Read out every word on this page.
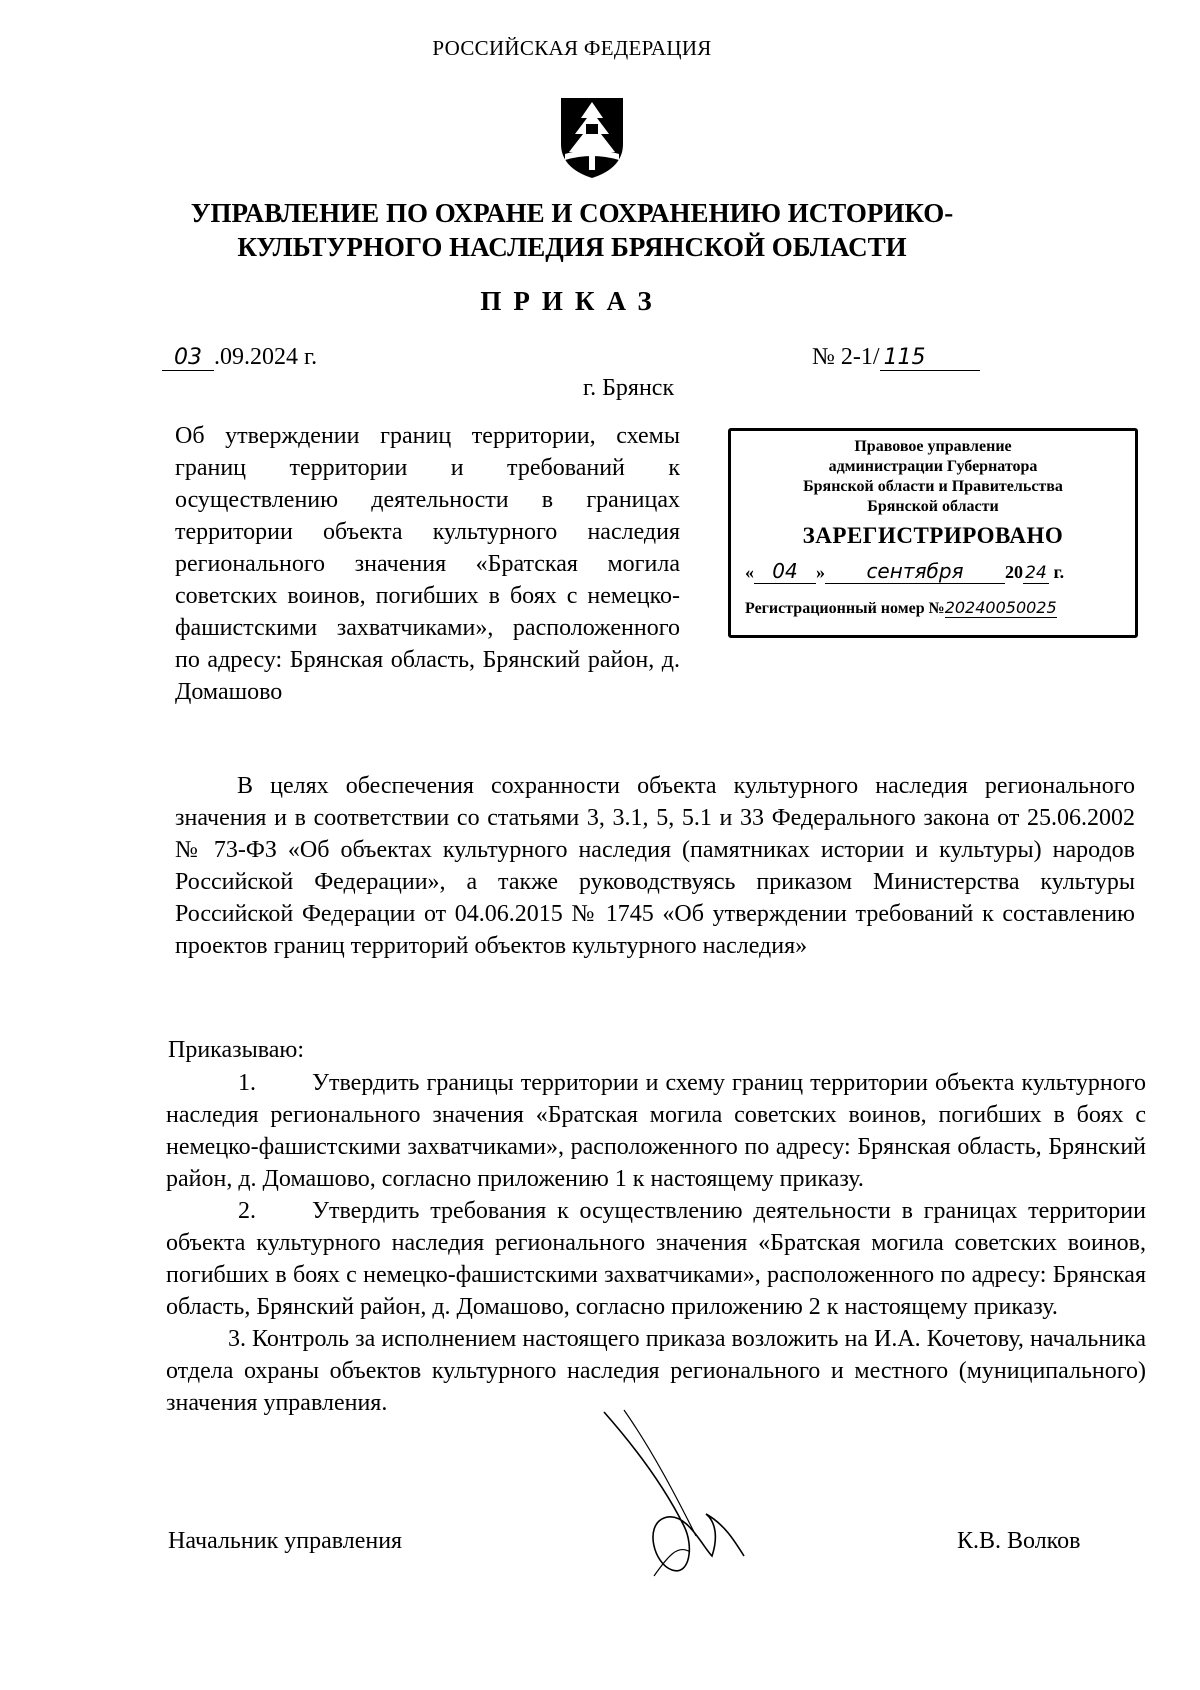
РОССИЙСКАЯ ФЕДЕРАЦИЯ
УПРАВЛЕНИЕ ПО ОХРАНЕ И СОХРАНЕНИЮ ИСТОРИКО-
КУЛЬТУРНОГО НАСЛЕДИЯ БРЯНСКОЙ ОБЛАСТИ
ПРИКАЗ
03 .09.2024 г.	№ 2-1/ 115
г. Брянск
Об утверждении границ территории, схемы границ территории и требований к осуществлению деятельности в границах территории объекта культурного наследия регионального значения «Братская могила советских воинов, погибших в боях с немецко-фашистскими захватчиками», расположенного по адресу: Брянская область, Брянский район, д. Домашово
Правовое управление
администрации Губернатора
Брянской области и Правительства
Брянской области
ЗАРЕГИСТРИРОВАНО
« 04 » сентября 20 24 г.
Регистрационный номер №20240050025
В целях обеспечения сохранности объекта культурного наследия регионального значения и в соответствии со статьями 3, 3.1, 5, 5.1 и 33 Федерального закона от 25.06.2002 № 73-ФЗ «Об объектах культурного наследия (памятниках истории и культуры) народов Российской Федерации», а также руководствуясь приказом Министерства культуры Российской Федерации от 04.06.2015 № 1745 «Об утверждении требований к составлению проектов границ территорий объектов культурного наследия»
Приказываю:
1. Утвердить границы территории и схему границ территории объекта культурного наследия регионального значения «Братская могила советских воинов, погибших в боях с немецко-фашистскими захватчиками», расположенного по адресу: Брянская область, Брянский район, д. Домашово, согласно приложению 1 к настоящему приказу.
2. Утвердить требования к осуществлению деятельности в границах территории объекта культурного наследия регионального значения «Братская могила советских воинов, погибших в боях с немецко-фашистскими захватчиками», расположенного по адресу: Брянская область, Брянский район, д. Домашово, согласно приложению 2 к настоящему приказу.
3. Контроль за исполнением настоящего приказа возложить на И.А. Кочетову, начальника отдела охраны объектов культурного наследия регионального и местного (муниципального) значения управления.
Начальник управления	К.В. Волков
